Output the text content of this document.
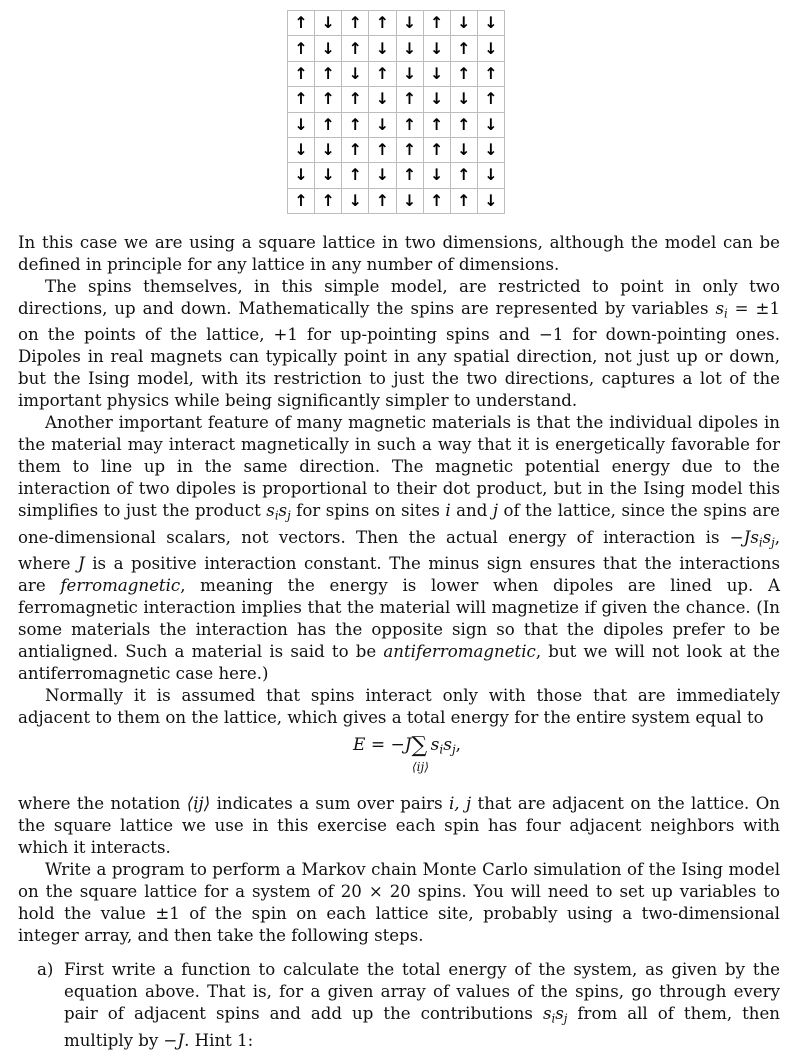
↑ ↓ ↑ ↑ ↓ ↑ ↓ ↓
↑ ↓ ↑ ↓ ↓ ↓ ↑ ↓
↑ ↑ ↓ ↑ ↓ ↓ ↑ ↑
↑ ↑ ↑ ↓ ↑ ↓ ↓ ↑
↓ ↑ ↑ ↓ ↑ ↑ ↑ ↓
↓ ↓ ↑ ↑ ↑ ↑ ↓ ↓
↓ ↓ ↑ ↓ ↑ ↓ ↑ ↓
↑ ↑ ↓ ↑ ↓ ↑ ↑ ↓

In this case we are using a square lattice in two dimensions, although the model can be defined in principle for any lattice in any number of dimensions.

The spins themselves, in this simple model, are restricted to point in only two directions, up and down. Mathematically the spins are represented by variables $s_i = \pm 1$ on the points of the lattice, +1 for up-pointing spins and −1 for down-pointing ones. Dipoles in real magnets can typically point in any spatial direction, not just up or down, but the Ising model, with its restriction to just the two directions, captures a lot of the important physics while being significantly simpler to understand.

Another important feature of many magnetic materials is that the individual dipoles in the material may interact magnetically in such a way that it is energetically favorable for them to line up in the same direction. The magnetic potential energy due to the interaction of two dipoles is proportional to their dot product, but in the Ising model this simplifies to just the product $s_is_j$ for spins on sites i and j of the lattice, since the spins are one-dimensional scalars, not vectors. Then the actual energy of interaction is $-Js_is_j$, where J is a positive interaction constant. The minus sign ensures that the interactions are ferromagnetic, meaning the energy is lower when dipoles are lined up. A ferromagnetic interaction implies that the material will magnetize if given the chance. (In some materials the interaction has the opposite sign so that the dipoles prefer to be antialigned. Such a material is said to be antiferromagnetic, but we will not look at the antiferromagnetic case here.)

Normally it is assumed that spins interact only with those that are immediately adjacent to them on the lattice, which gives a total energy for the entire system equal to

E = −J∑
⟨ij⟩
 $s_is_j$,

where the notation ⟨ij⟩ indicates a sum over pairs i, j that are adjacent on the lattice. On the square lattice we use in this exercise each spin has four adjacent neighbors with which it interacts.

Write a program to perform a Markov chain Monte Carlo simulation of the Ising model on the square lattice for a system of 20 × 20 spins. You will need to set up variables to hold the value ±1 of the spin on each lattice site, probably using a two-dimensional integer array, and then take the following steps.

a) First write a function to calculate the total energy of the system, as given by the equation above. That is, for a given array of values of the spins, go through every pair of adjacent spins and add up the contributions $s_is_j$ from all of them, then multiply by −J. Hint 1:
